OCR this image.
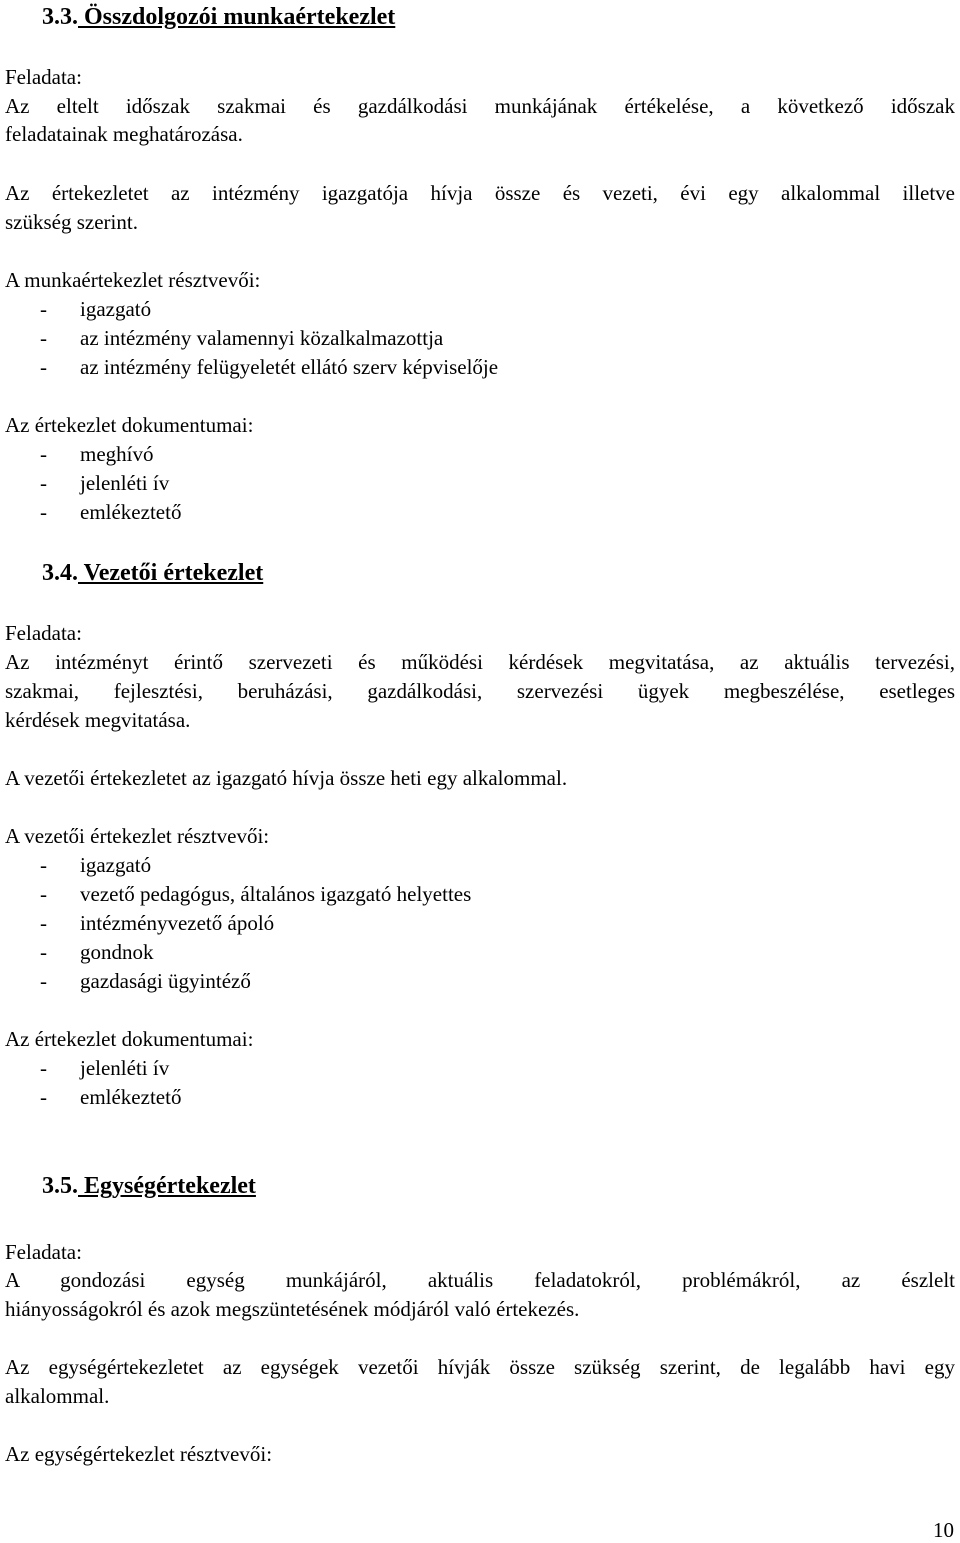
3.3. Összdolgozói munkaértekezlet

Feladata:

Az eltelt időszak szakmai és gazdálkodási munkájának értékelése, a következő időszak

feladatainak meghatározása.

Az értekezletet az intézmény igazgatója hívja össze és vezeti, évi egy alkalommal illetve

szükség szerint.

A munkaértekezlet résztvevői:

- igazgató

- az intézmény valamennyi közalkalmazottja

- az intézmény felügyeletét ellátó szerv képviselője

Az értekezlet dokumentumai:

- meghívó

- jelenléti ív

- emlékeztető

3.4. Vezetői értekezlet

Feladata:

Az intézményt érintő szervezeti és működési kérdések megvitatása, az aktuális tervezési,

szakmai, fejlesztési, beruházási, gazdálkodási, szervezési ügyek megbeszélése, esetleges

kérdések megvitatása.

A vezetői értekezletet az igazgató hívja össze heti egy alkalommal.

A vezetői értekezlet résztvevői:

- igazgató

- vezető pedagógus, általános igazgató helyettes

- intézményvezető ápoló

- gondnok

- gazdasági ügyintéző

Az értekezlet dokumentumai:

- jelenléti ív

- emlékeztető

3.5. Egységértekezlet

Feladata:

A gondozási egység munkájáról, aktuális feladatokról, problémákról, az észlelt

hiányosságokról és azok megszüntetésének módjáról való értekezés.

Az egységértekezletet az egységek vezetői hívják össze szükség szerint, de legalább havi egy

alkalommal.

Az egységértekezlet résztvevői:

10
